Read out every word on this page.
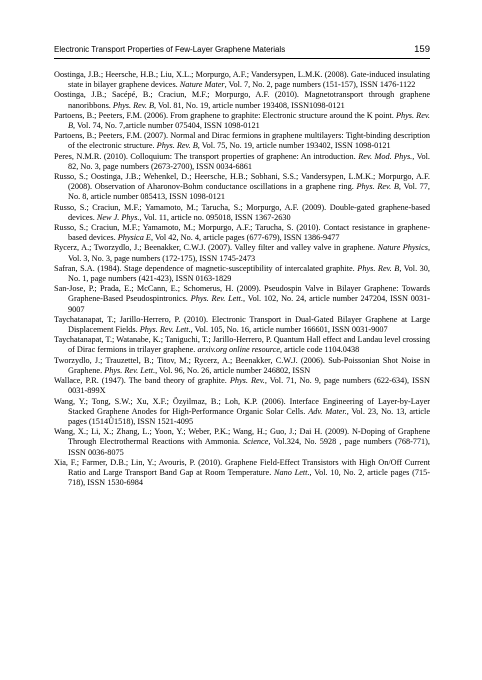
Electronic Transport Properties of Few-Layer Graphene Materials	159

Oostinga, J.B.; Heersche, H.B.; Liu, X.L.; Morpurgo, A.F.; Vandersypen, L.M.K. (2008). Gate-induced insulating state in bilayer graphene devices. Nature Mater, Vol. 7, No. 2, page numbers (151-157), ISSN 1476-1122

Oostinga, J.B.; Sacépé, B.; Craciun, M.F.; Morpurgo, A.F. (2010). Magnetotransport through graphene nanoribbons. Phys. Rev. B, Vol. 81, No. 19, article number 193408, ISSN1098-0121

Partoens, B.; Peeters, F.M. (2006). From graphene to graphite: Electronic structure around the K point. Phys. Rev. B, Vol. 74, No. 7,article number 075404, ISSN 1098-0121

Partoens, B.; Peeters, F.M. (2007). Normal and Dirac fermions in graphene multilayers: Tight-binding description of the electronic structure. Phys. Rev. B, Vol. 75, No. 19, article number 193402, ISSN 1098-0121

Peres, N.M.R. (2010). Colloquium: The transport properties of graphene: An introduction. Rev. Mod. Phys., Vol. 82, No. 3, page numbers (2673-2700), ISSN 0034-6861

Russo, S.; Oostinga, J.B.; Wehenkel, D.; Heersche, H.B.; Sobhani, S.S.; Vandersypen, L.M.K.; Morpurgo, A.F. (2008). Observation of Aharonov-Bohm conductance oscillations in a graphene ring. Phys. Rev. B, Vol. 77, No. 8, article number 085413, ISSN 1098-0121

Russo, S.; Craciun, M.F.; Yamamoto, M.; Tarucha, S.; Morpurgo, A.F. (2009). Double-gated graphene-based devices. New J. Phys., Vol. 11, article no. 095018, ISSN 1367-2630

Russo, S.; Craciun, M.F.; Yamamoto, M.; Morpurgo, A.F.; Tarucha, S. (2010). Contact resistance in graphene-based devices. Physica E, Vol 42, No. 4, article pages (677-679), ISSN 1386-9477

Rycerz, A.; Tworzydlo, J.; Beenakker, C.W.J. (2007). Valley filter and valley valve in graphene. Nature Physics, Vol. 3, No. 3, page numbers (172-175), ISSN 1745-2473

Safran, S.A. (1984). Stage dependence of magnetic-susceptibility of intercalated graphite. Phys. Rev. B, Vol. 30, No. 1, page numbers (421-423), ISSN 0163-1829

San-Jose, P.; Prada, E.; McCann, E.; Schomerus, H. (2009). Pseudospin Valve in Bilayer Graphene: Towards Graphene-Based Pseudospintronics. Phys. Rev. Lett., Vol. 102, No. 24, article number 247204, ISSN 0031-9007

Taychatanapat, T.; Jarillo-Herrero, P. (2010). Electronic Transport in Dual-Gated Bilayer Graphene at Large Displacement Fields. Phys. Rev. Lett., Vol. 105, No. 16, article number 166601, ISSN 0031-9007

Taychatanapat, T.; Watanabe, K.; Taniguchi, T.; Jarillo-Herrero, P. Quantum Hall effect and Landau level crossing of Dirac fermions in trilayer graphene. arxiv.org online resource, article code 1104.0438

Tworzydlo, J.; Trauzettel, B.; Titov, M.; Rycerz, A.; Beenakker, C.W.J. (2006). Sub-Poissonian Shot Noise in Graphene. Phys. Rev. Lett., Vol. 96, No. 26, article number 246802, ISSN

Wallace, P.R. (1947). The band theory of graphite. Phys. Rev., Vol. 71, No. 9, page numbers (622-634), ISSN 0031-899X

Wang, Y.; Tong, S.W.; Xu, X.F.; Özyilmaz, B.; Loh, K.P. (2006). Interface Engineering of Layer-by-Layer Stacked Graphene Anodes for High-Performance Organic Solar Cells. Adv. Mater., Vol. 23, No. 13, article pages (1514Ů1518), ISSN 1521-4095

Wang, X.; Li, X.; Zhang, L.; Yoon, Y.; Weber, P.K.; Wang, H.; Guo, J.; Dai H. (2009). N-Doping of Graphene Through Electrothermal Reactions with Ammonia. Science, Vol.324, No. 5928 , page numbers (768-771), ISSN 0036-8075

Xia, F.; Farmer, D.B.; Lin, Y.; Avouris, P. (2010). Graphene Field-Effect Transistors with High On/Off Current Ratio and Large Transport Band Gap at Room Temperature. Nano Lett., Vol. 10, No. 2, article pages (715-718), ISSN 1530-6984
